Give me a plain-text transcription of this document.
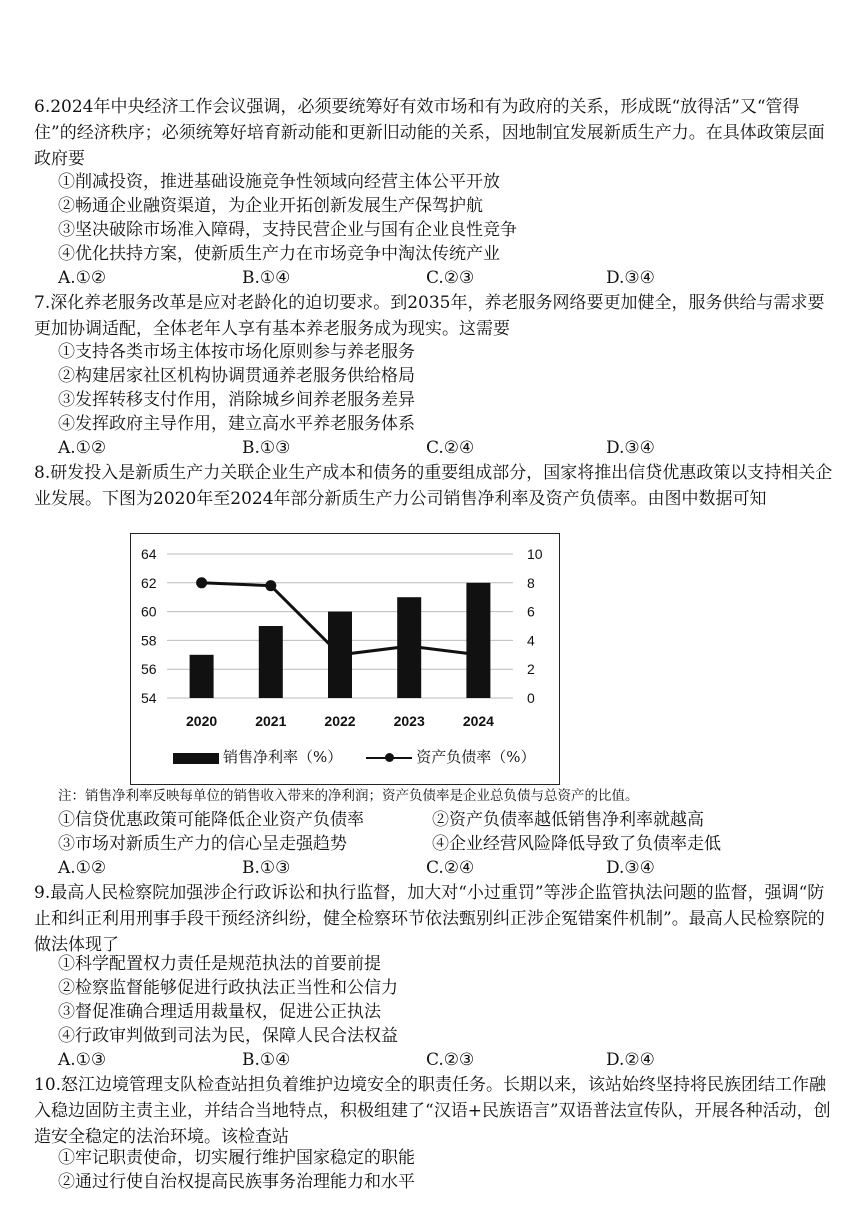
6.2024年中央经济工作会议强调，必须要统筹好有效市场和有为政府的关系，形成既“放得活”又“管得住”的经济秩序；必须统筹好培育新动能和更新旧动能的关系，因地制宜发展新质生产力。在具体政策层面政府要
①削减投资，推进基础设施竞争性领域向经营主体公平开放
②畅通企业融资渠道，为企业开拓创新发展生产保驾护航
③坚决破除市场准入障碍，支持民营企业与国有企业良性竞争
④优化扶持方案，使新质生产力在市场竞争中淘汰传统产业
A.①②	B.①④	C.②③	D.③④
7.深化养老服务改革是应对老龄化的迫切要求。到2035年，养老服务网络要更加健全，服务供给与需求要更加协调适配，全体老年人享有基本养老服务成为现实。这需要
①支持各类市场主体按市场化原则参与养老服务
②构建居家社区机构协调贯通养老服务供给格局
③发挥转移支付作用，消除城乡间养老服务差异
④发挥政府主导作用，建立高水平养老服务体系
A.①②	B.①③	C.②④	D.③④
8.研发投入是新质生产力关联企业生产成本和债务的重要组成部分，国家将推出信贷优惠政策以支持相关企业发展。下图为2020年至2024年部分新质生产力公司销售净利率及资产负债率。由图中数据可知
54
56
58
60
62
64
0
2
4
6
8
10
2020	2021	2022	2023	2024
销售净利率（%）	资产负债率（%）
注：销售净利率反映每单位的销售收入带来的净利润；资产负债率是企业总负债与总资产的比值。
①信贷优惠政策可能降低企业资产负债率	②资产负债率越低销售净利率就越高
③市场对新质生产力的信心呈走强趋势	④企业经营风险降低导致了负债率走低
A.①②	B.①③	C.②④	D.③④
9.最高人民检察院加强涉企行政诉讼和执行监督，加大对“小过重罚”等涉企监管执法问题的监督，强调“防止和纠正利用刑事手段干预经济纠纷，健全检察环节依法甄别纠正涉企冤错案件机制”。最高人民检察院的做法体现了
①科学配置权力责任是规范执法的首要前提
②检察监督能够促进行政执法正当性和公信力
③督促准确合理适用裁量权，促进公正执法
④行政审判做到司法为民，保障人民合法权益
A.①③	B.①④	C.②③	D.②④
10.怒江边境管理支队检查站担负着维护边境安全的职责任务。长期以来，该站始终坚持将民族团结工作融入稳边固防主责主业，并结合当地特点，积极组建了“汉语+民族语言”双语普法宣传队，开展各种活动，创造安全稳定的法治环境。该检查站
①牢记职责使命，切实履行维护国家稳定的职能
②通过行使自治权提高民族事务治理能力和水平
